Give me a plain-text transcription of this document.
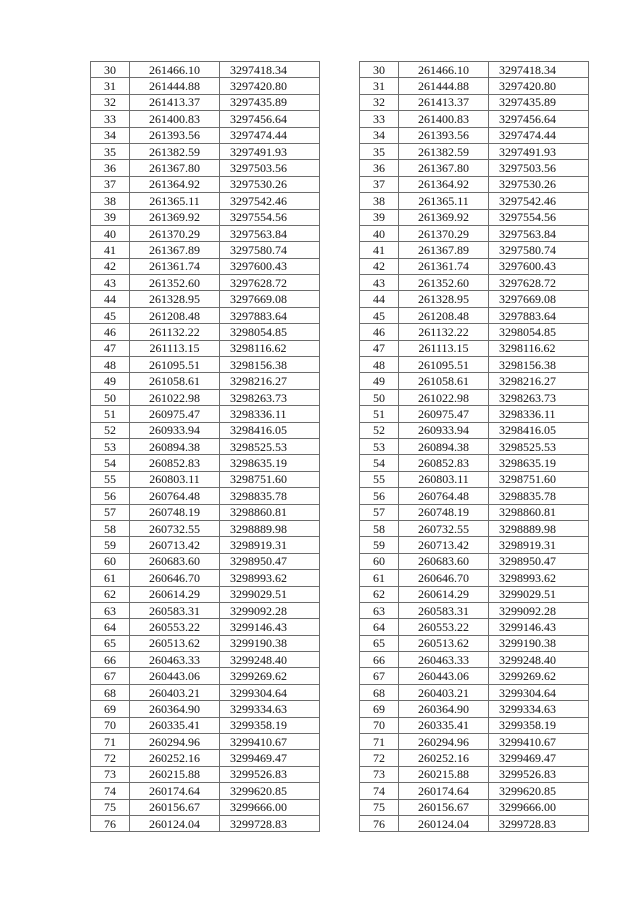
30	261466.10	3297418.34
31	261444.88	3297420.80
32	261413.37	3297435.89
33	261400.83	3297456.64
34	261393.56	3297474.44
35	261382.59	3297491.93
36	261367.80	3297503.56
37	261364.92	3297530.26
38	261365.11	3297542.46
39	261369.92	3297554.56
40	261370.29	3297563.84
41	261367.89	3297580.74
42	261361.74	3297600.43
43	261352.60	3297628.72
44	261328.95	3297669.08
45	261208.48	3297883.64
46	261132.22	3298054.85
47	261113.15	3298116.62
48	261095.51	3298156.38
49	261058.61	3298216.27
50	261022.98	3298263.73
51	260975.47	3298336.11
52	260933.94	3298416.05
53	260894.38	3298525.53
54	260852.83	3298635.19
55	260803.11	3298751.60
56	260764.48	3298835.78
57	260748.19	3298860.81
58	260732.55	3298889.98
59	260713.42	3298919.31
60	260683.60	3298950.47
61	260646.70	3298993.62
62	260614.29	3299029.51
63	260583.31	3299092.28
64	260553.22	3299146.43
65	260513.62	3299190.38
66	260463.33	3299248.40
67	260443.06	3299269.62
68	260403.21	3299304.64
69	260364.90	3299334.63
70	260335.41	3299358.19
71	260294.96	3299410.67
72	260252.16	3299469.47
73	260215.88	3299526.83
74	260174.64	3299620.85
75	260156.67	3299666.00
76	260124.04	3299728.83
30	261466.10	3297418.34
31	261444.88	3297420.80
32	261413.37	3297435.89
33	261400.83	3297456.64
34	261393.56	3297474.44
35	261382.59	3297491.93
36	261367.80	3297503.56
37	261364.92	3297530.26
38	261365.11	3297542.46
39	261369.92	3297554.56
40	261370.29	3297563.84
41	261367.89	3297580.74
42	261361.74	3297600.43
43	261352.60	3297628.72
44	261328.95	3297669.08
45	261208.48	3297883.64
46	261132.22	3298054.85
47	261113.15	3298116.62
48	261095.51	3298156.38
49	261058.61	3298216.27
50	261022.98	3298263.73
51	260975.47	3298336.11
52	260933.94	3298416.05
53	260894.38	3298525.53
54	260852.83	3298635.19
55	260803.11	3298751.60
56	260764.48	3298835.78
57	260748.19	3298860.81
58	260732.55	3298889.98
59	260713.42	3298919.31
60	260683.60	3298950.47
61	260646.70	3298993.62
62	260614.29	3299029.51
63	260583.31	3299092.28
64	260553.22	3299146.43
65	260513.62	3299190.38
66	260463.33	3299248.40
67	260443.06	3299269.62
68	260403.21	3299304.64
69	260364.90	3299334.63
70	260335.41	3299358.19
71	260294.96	3299410.67
72	260252.16	3299469.47
73	260215.88	3299526.83
74	260174.64	3299620.85
75	260156.67	3299666.00
76	260124.04	3299728.83
